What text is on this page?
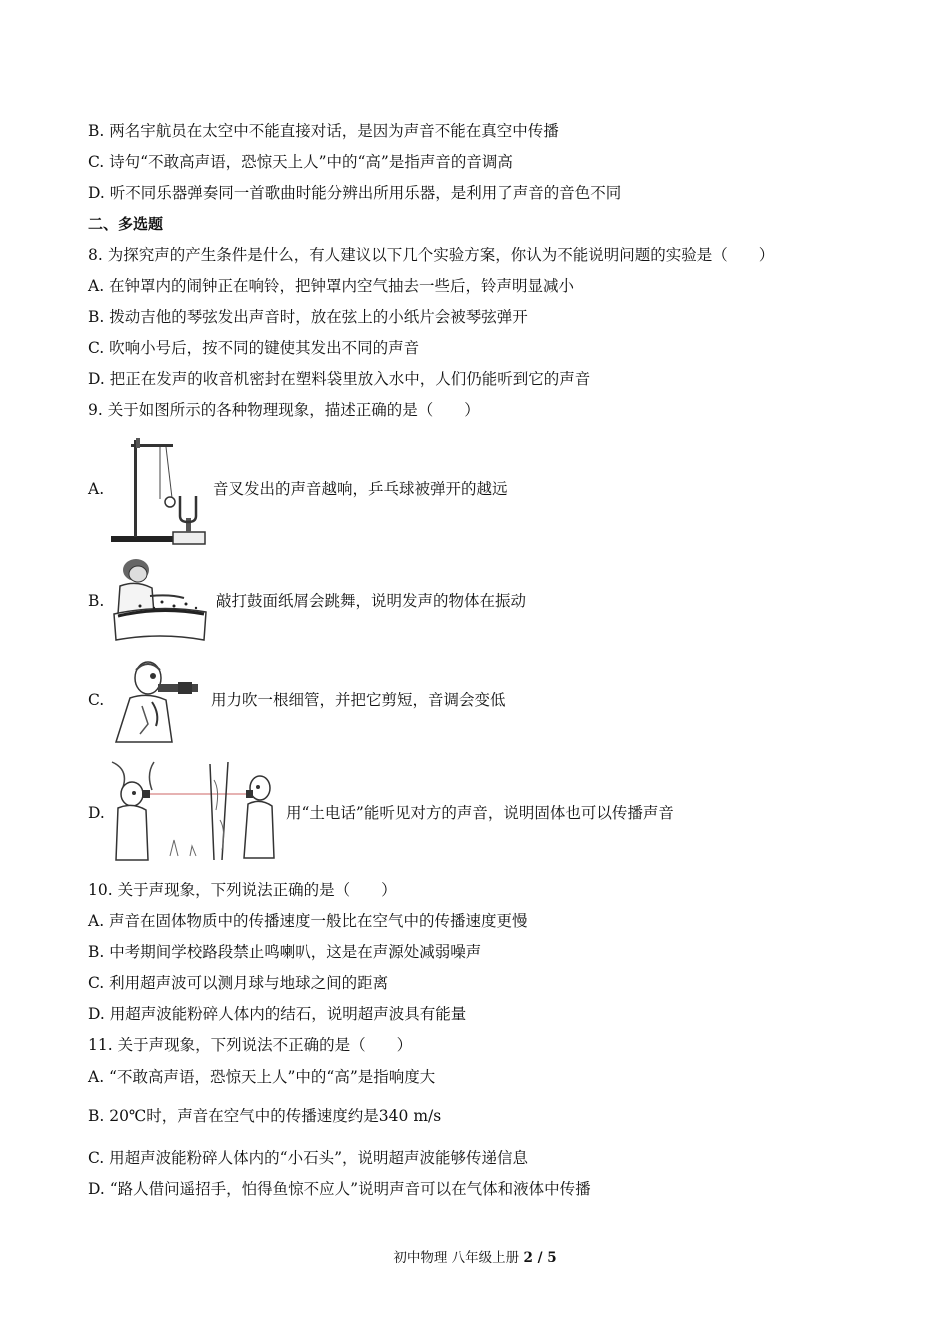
B. 两名宇航员在太空中不能直接对话，是因为声音不能在真空中传播
C. 诗句“不敢高声语，恐惊天上人”中的“高”是指声音的音调高
D. 听不同乐器弹奏同一首歌曲时能分辨出所用乐器，是利用了声音的音色不同
二、多选题
8. 为探究声的产生条件是什么，有人建议以下几个实验方案，你认为不能说明问题的实验是（　　）
A. 在钟罩内的闹钟正在响铃，把钟罩内空气抽去一些后，铃声明显减小
B. 拨动吉他的琴弦发出声音时，放在弦上的小纸片会被琴弦弹开
C. 吹响小号后，按不同的键使其发出不同的声音
D. 把正在发声的收音机密封在塑料袋里放入水中，人们仍能听到它的声音
9. 关于如图所示的各种物理现象，描述正确的是（　　）
A.	音叉发出的声音越响，乒乓球被弹开的越远
B.	敲打鼓面纸屑会跳舞，说明发声的物体在振动
C.	用力吹一根细管，并把它剪短，音调会变低
D.	用“土电话”能听见对方的声音，说明固体也可以传播声音
10. 关于声现象，下列说法正确的是（　　）
A. 声音在固体物质中的传播速度一般比在空气中的传播速度更慢
B. 中考期间学校路段禁止鸣喇叭，这是在声源处减弱噪声
C. 利用超声波可以测月球与地球之间的距离
D. 用超声波能粉碎人体内的结石，说明超声波具有能量
11. 关于声现象，下列说法不正确的是（　　）
A. “不敢高声语，恐惊天上人”中的“高”是指响度大
B. 20℃时，声音在空气中的传播速度约是340 m/s
C. 用超声波能粉碎人体内的“小石头”，说明超声波能够传递信息
D. “路人借问遥招手，怕得鱼惊不应人”说明声音可以在气体和液体中传播
初中物理 八年级上册 2 / 5
